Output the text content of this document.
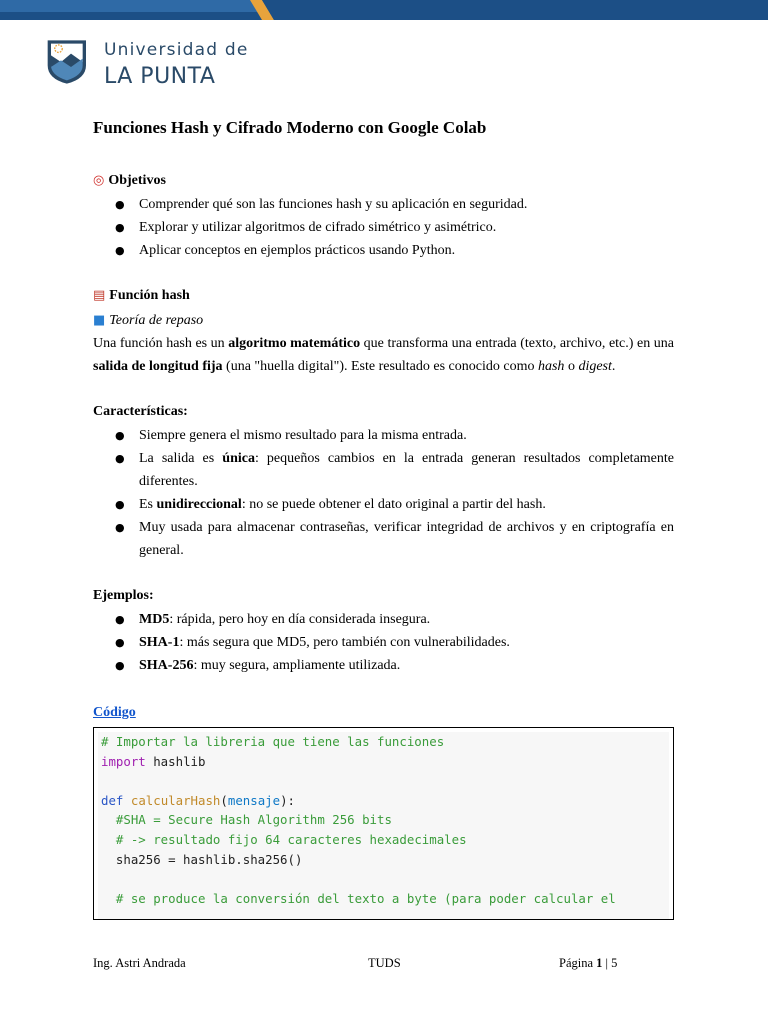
Universidad de
LA PUNTA
Funciones Hash y Cifrado Moderno con Google Colab
◎ Objetivos
● Comprender qué son las funciones hash y su aplicación en seguridad.
● Explorar y utilizar algoritmos de cifrado simétrico y asimétrico.
● Aplicar conceptos en ejemplos prácticos usando Python.
▤ Función hash
■ Teoría de repaso
Una función hash es un algoritmo matemático que transforma una entrada (texto, archivo, etc.) en una salida de longitud fija (una "huella digital"). Este resultado es conocido como hash o digest.
Características:
● Siempre genera el mismo resultado para la misma entrada.
● La salida es única: pequeños cambios en la entrada generan resultados completamente diferentes.
● Es unidireccional: no se puede obtener el dato original a partir del hash.
● Muy usada para almacenar contraseñas, verificar integridad de archivos y en criptografía en general.
Ejemplos:
● MD5: rápida, pero hoy en día considerada insegura.
● SHA-1: más segura que MD5, pero también con vulnerabilidades.
● SHA-256: muy segura, ampliamente utilizada.
Código
# Importar la libreria que tiene las funciones
import hashlib

def calcularHash(mensaje):
#SHA = Secure Hash Algorithm 256 bits
# -> resultado fijo 64 caracteres hexadecimales
sha256 = hashlib.sha256()

# se produce la conversión del texto a byte (para poder calcular el
Ing. Astri Andrada	TUDS	Página 1 | 5
